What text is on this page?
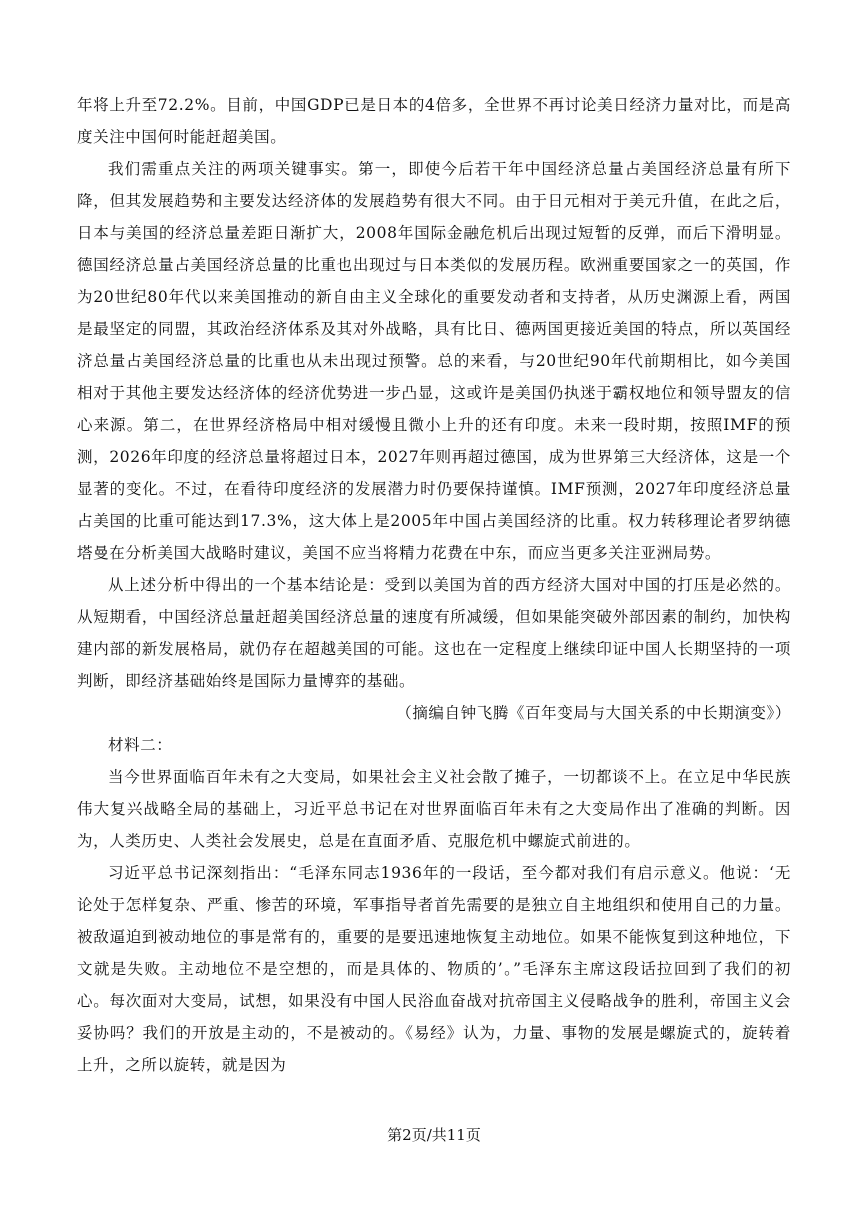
年将上升至72.2%。目前，中国GDP已是日本的4倍多，全世界不再讨论美日经济力量对比，而是高度关注中国何时能赶超美国。

我们需重点关注的两项关键事实。第一，即使今后若干年中国经济总量占美国经济总量有所下降，但其发展趋势和主要发达经济体的发展趋势有很大不同。由于日元相对于美元升值，在此之后，日本与美国的经济总量差距日渐扩大，2008年国际金融危机后出现过短暂的反弹，而后下滑明显。德国经济总量占美国经济总量的比重也出现过与日本类似的发展历程。欧洲重要国家之一的英国，作为20世纪80年代以来美国推动的新自由主义全球化的重要发动者和支持者，从历史渊源上看，两国是最坚定的同盟，其政治经济体系及其对外战略，具有比日、德两国更接近美国的特点，所以英国经济总量占美国经济总量的比重也从未出现过预警。总的来看，与20世纪90年代前期相比，如今美国相对于其他主要发达经济体的经济优势进一步凸显，这或许是美国仍执迷于霸权地位和领导盟友的信心来源。第二，在世界经济格局中相对缓慢且微小上升的还有印度。未来一段时期，按照IMF的预测，2026年印度的经济总量将超过日本，2027年则再超过德国，成为世界第三大经济体，这是一个显著的变化。不过，在看待印度经济的发展潜力时仍要保持谨慎。IMF预测，2027年印度经济总量占美国的比重可能达到17.3%，这大体上是2005年中国占美国经济的比重。权力转移理论者罗纳德塔曼在分析美国大战略时建议，美国不应当将精力花费在中东，而应当更多关注亚洲局势。

从上述分析中得出的一个基本结论是：受到以美国为首的西方经济大国对中国的打压是必然的。从短期看，中国经济总量赶超美国经济总量的速度有所减缓，但如果能突破外部因素的制约，加快构建内部的新发展格局，就仍存在超越美国的可能。这也在一定程度上继续印证中国人长期坚持的一项判断，即经济基础始终是国际力量博弈的基础。

（摘编自钟飞腾《百年变局与大国关系的中长期演变》）

材料二：

当今世界面临百年未有之大变局，如果社会主义社会散了摊子，一切都谈不上。在立足中华民族伟大复兴战略全局的基础上，习近平总书记在对世界面临百年未有之大变局作出了准确的判断。因为，人类历史、人类社会发展史，总是在直面矛盾、克服危机中螺旋式前进的。

习近平总书记深刻指出：“毛泽东同志1936年的一段话，至今都对我们有启示意义。他说：‘无论处于怎样复杂、严重、惨苦的环境，军事指导者首先需要的是独立自主地组织和使用自己的力量。被敌逼迫到被动地位的事是常有的，重要的是要迅速地恢复主动地位。如果不能恢复到这种地位，下文就是失败。主动地位不是空想的，而是具体的、物质的’。”毛泽东主席这段话拉回到了我们的初心。每次面对大变局，试想，如果没有中国人民浴血奋战对抗帝国主义侵略战争的胜利，帝国主义会妥协吗？我们的开放是主动的，不是被动的。《易经》认为，力量、事物的发展是螺旋式的，旋转着上升，之所以旋转，就是因为

第2页/共11页
